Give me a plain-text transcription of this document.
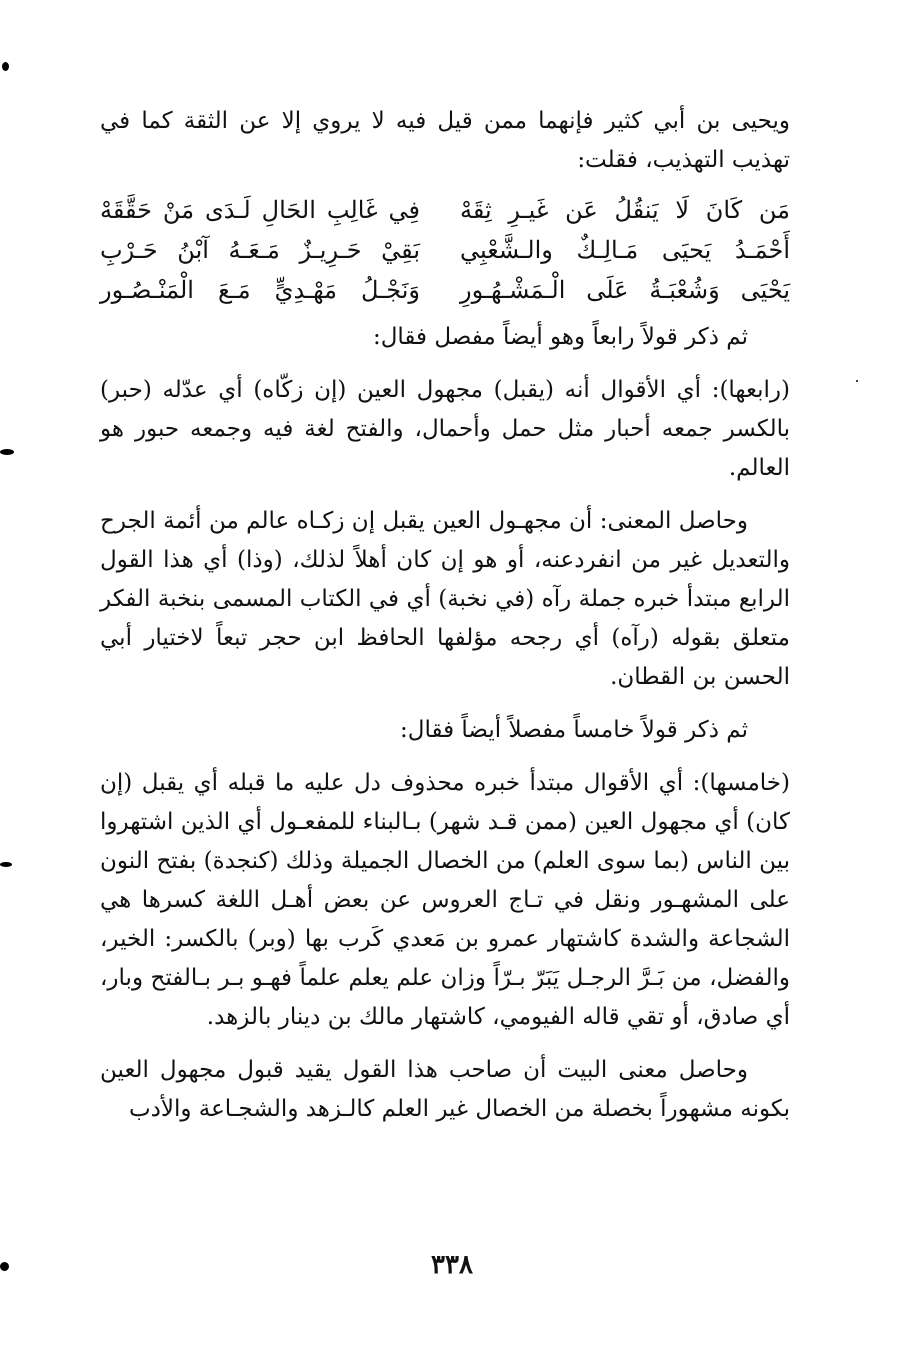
ويحيى بن أبي كثير فإنهما ممن قيل فيه لا يروي إلا عن الثقة كما في تهذيب التهذيب، فقلت:

مَن كَانَ لَا يَنقُلُ عَن غَيـرِ ثِقَهْ
فِي غَالِبِ الحَالِ لَـدَى مَنْ حَقَّقَهْ
أَحْمَـدُ يَحيَى مَـالِـكٌ والـشَّعْبِي
بَقِيْ حَـرِيـزٌ مَـعَـهُ آبْنُ حَـرْبِ
يَحْيَى وَشُعْبَـةُ عَلَى الْـمَشْـهُـورِ
وَنَجْـلُ مَهْـدِيٍّ مَـعَ الْمَنْـصُـور

ثم ذكر قولاً رابعاً وهو أيضاً مفصل فقال:

(رابعها): أي الأقوال أنه (يقبل) مجهول العين (إن زكّاه) أي عدّله (حبر) بالكسر جمعه أحبار مثل حمل وأحمال، والفتح لغة فيه وجمعه حبور هو العالم.

وحاصل المعنى: أن مجهـول العين يقبل إن زكـاه عالم من أئمة الجرح والتعديل غير من انفردعنه، أو هو إن كان أهلاً لذلك، (وذا) أي هذا القول الرابع مبتدأ خبره جملة رآه (في نخبة) أي في الكتاب المسمى بنخبة الفكر متعلق بقوله (رآه) أي رجحه مؤلفها الحافظ ابن حجر تبعاً لاختيار أبي الحسن بن القطان.

ثم ذكر قولاً خامساً مفصلاً أيضاً فقال:

(خامسها): أي الأقوال مبتدأ خبره محذوف دل عليه ما قبله أي يقبل (إن كان) أي مجهول العين (ممن قـد شهر) بـالبناء للمفعـول أي الذين اشتهروا بين الناس (بما سوى العلم) من الخصال الجميلة وذلك (كنجدة) بفتح النون على المشهـور ونقل في تـاج العروس عن بعض أهـل اللغة كسرها هي الشجاعة والشدة كاشتهار عمرو بن مَعدي كَرب بها (وبر) بالكسر: الخير، والفضل، من بَـرَّ الرجـل يَبَرّ بـرّاً وزان علم يعلم علماً فهـو بـر بـالفتح وبار، أي صادق، أو تقي قاله الفيومي، كاشتهار مالك بن دينار بالزهد.

وحاصل معنى البيت أن صاحب هذا القول يقيد قبول مجهول العين بكونه مشهوراً بخصلة من الخصال غير العلم كالـزهد والشجـاعة والأدب

٣٣٨
